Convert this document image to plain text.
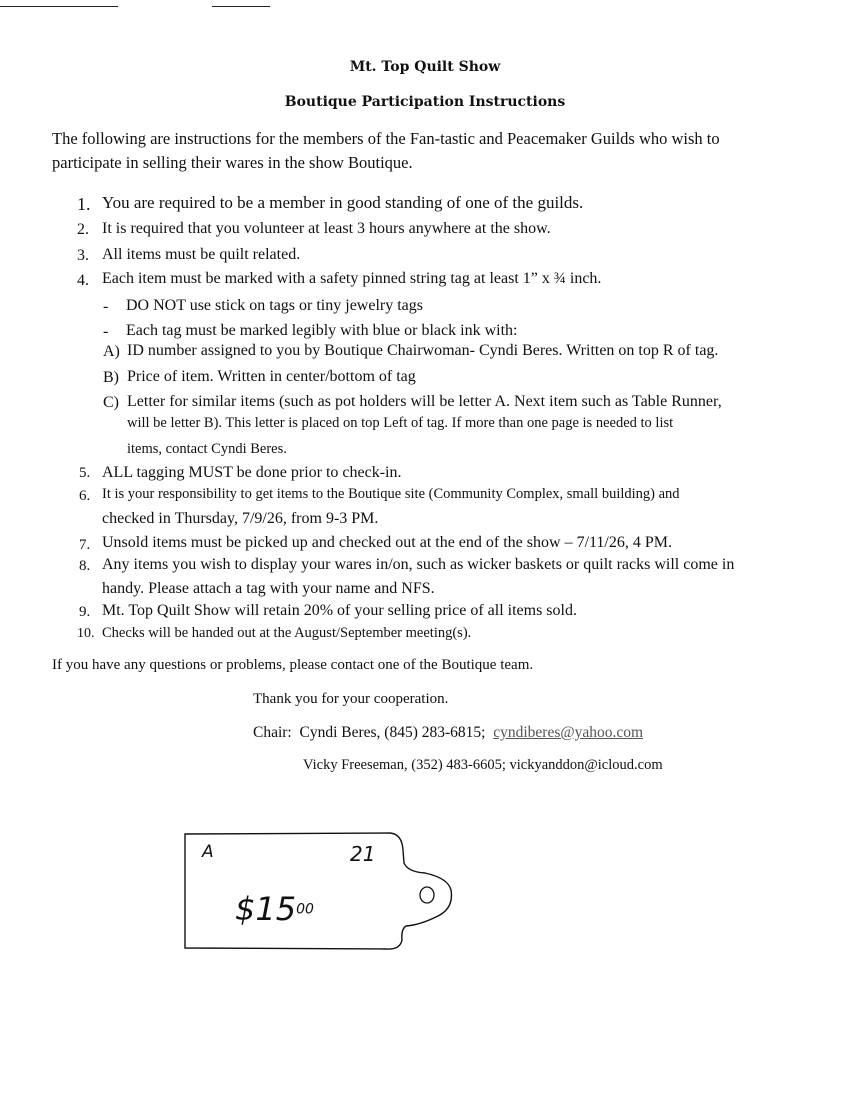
Mt. Top Quilt Show
Boutique Participation Instructions
The following are instructions for the members of the Fan-tastic and Peacemaker Guilds who wish to
participate in selling their wares in the show Boutique.
1. You are required to be a member in good standing of one of the guilds.
2. It is required that you volunteer at least 3 hours anywhere at the show.
3. All items must be quilt related.
4. Each item must be marked with a safety pinned string tag at least 1” x ¾ inch.
- DO NOT use stick on tags or tiny jewelry tags
- Each tag must be marked legibly with blue or black ink with:
A) ID number assigned to you by Boutique Chairwoman- Cyndi Beres. Written on top R of tag.
B) Price of item. Written in center/bottom of tag
C) Letter for similar items (such as pot holders will be letter A. Next item such as Table Runner,
will be letter B). This letter is placed on top Left of tag. If more than one page is needed to list
items, contact Cyndi Beres.
5. ALL tagging MUST be done prior to check-in.
6. It is your responsibility to get items to the Boutique site (Community Complex, small building) and
checked in Thursday, 7/9/26, from 9-3 PM.
7. Unsold items must be picked up and checked out at the end of the show – 7/11/26, 4 PM.
8. Any items you wish to display your wares in/on, such as wicker baskets or quilt racks will come in
handy. Please attach a tag with your name and NFS.
9. Mt. Top Quilt Show will retain 20% of your selling price of all items sold.
10. Checks will be handed out at the August/September meeting(s).
If you have any questions or problems, please contact one of the Boutique team.
Thank you for your cooperation.
Chair: Cyndi Beres, (845) 283-6815; cyndiberes@yahoo.com
Vicky Freeseman, (352) 483-6605; vickyanddon@icloud.com
A	21
$\$15^{00}$
